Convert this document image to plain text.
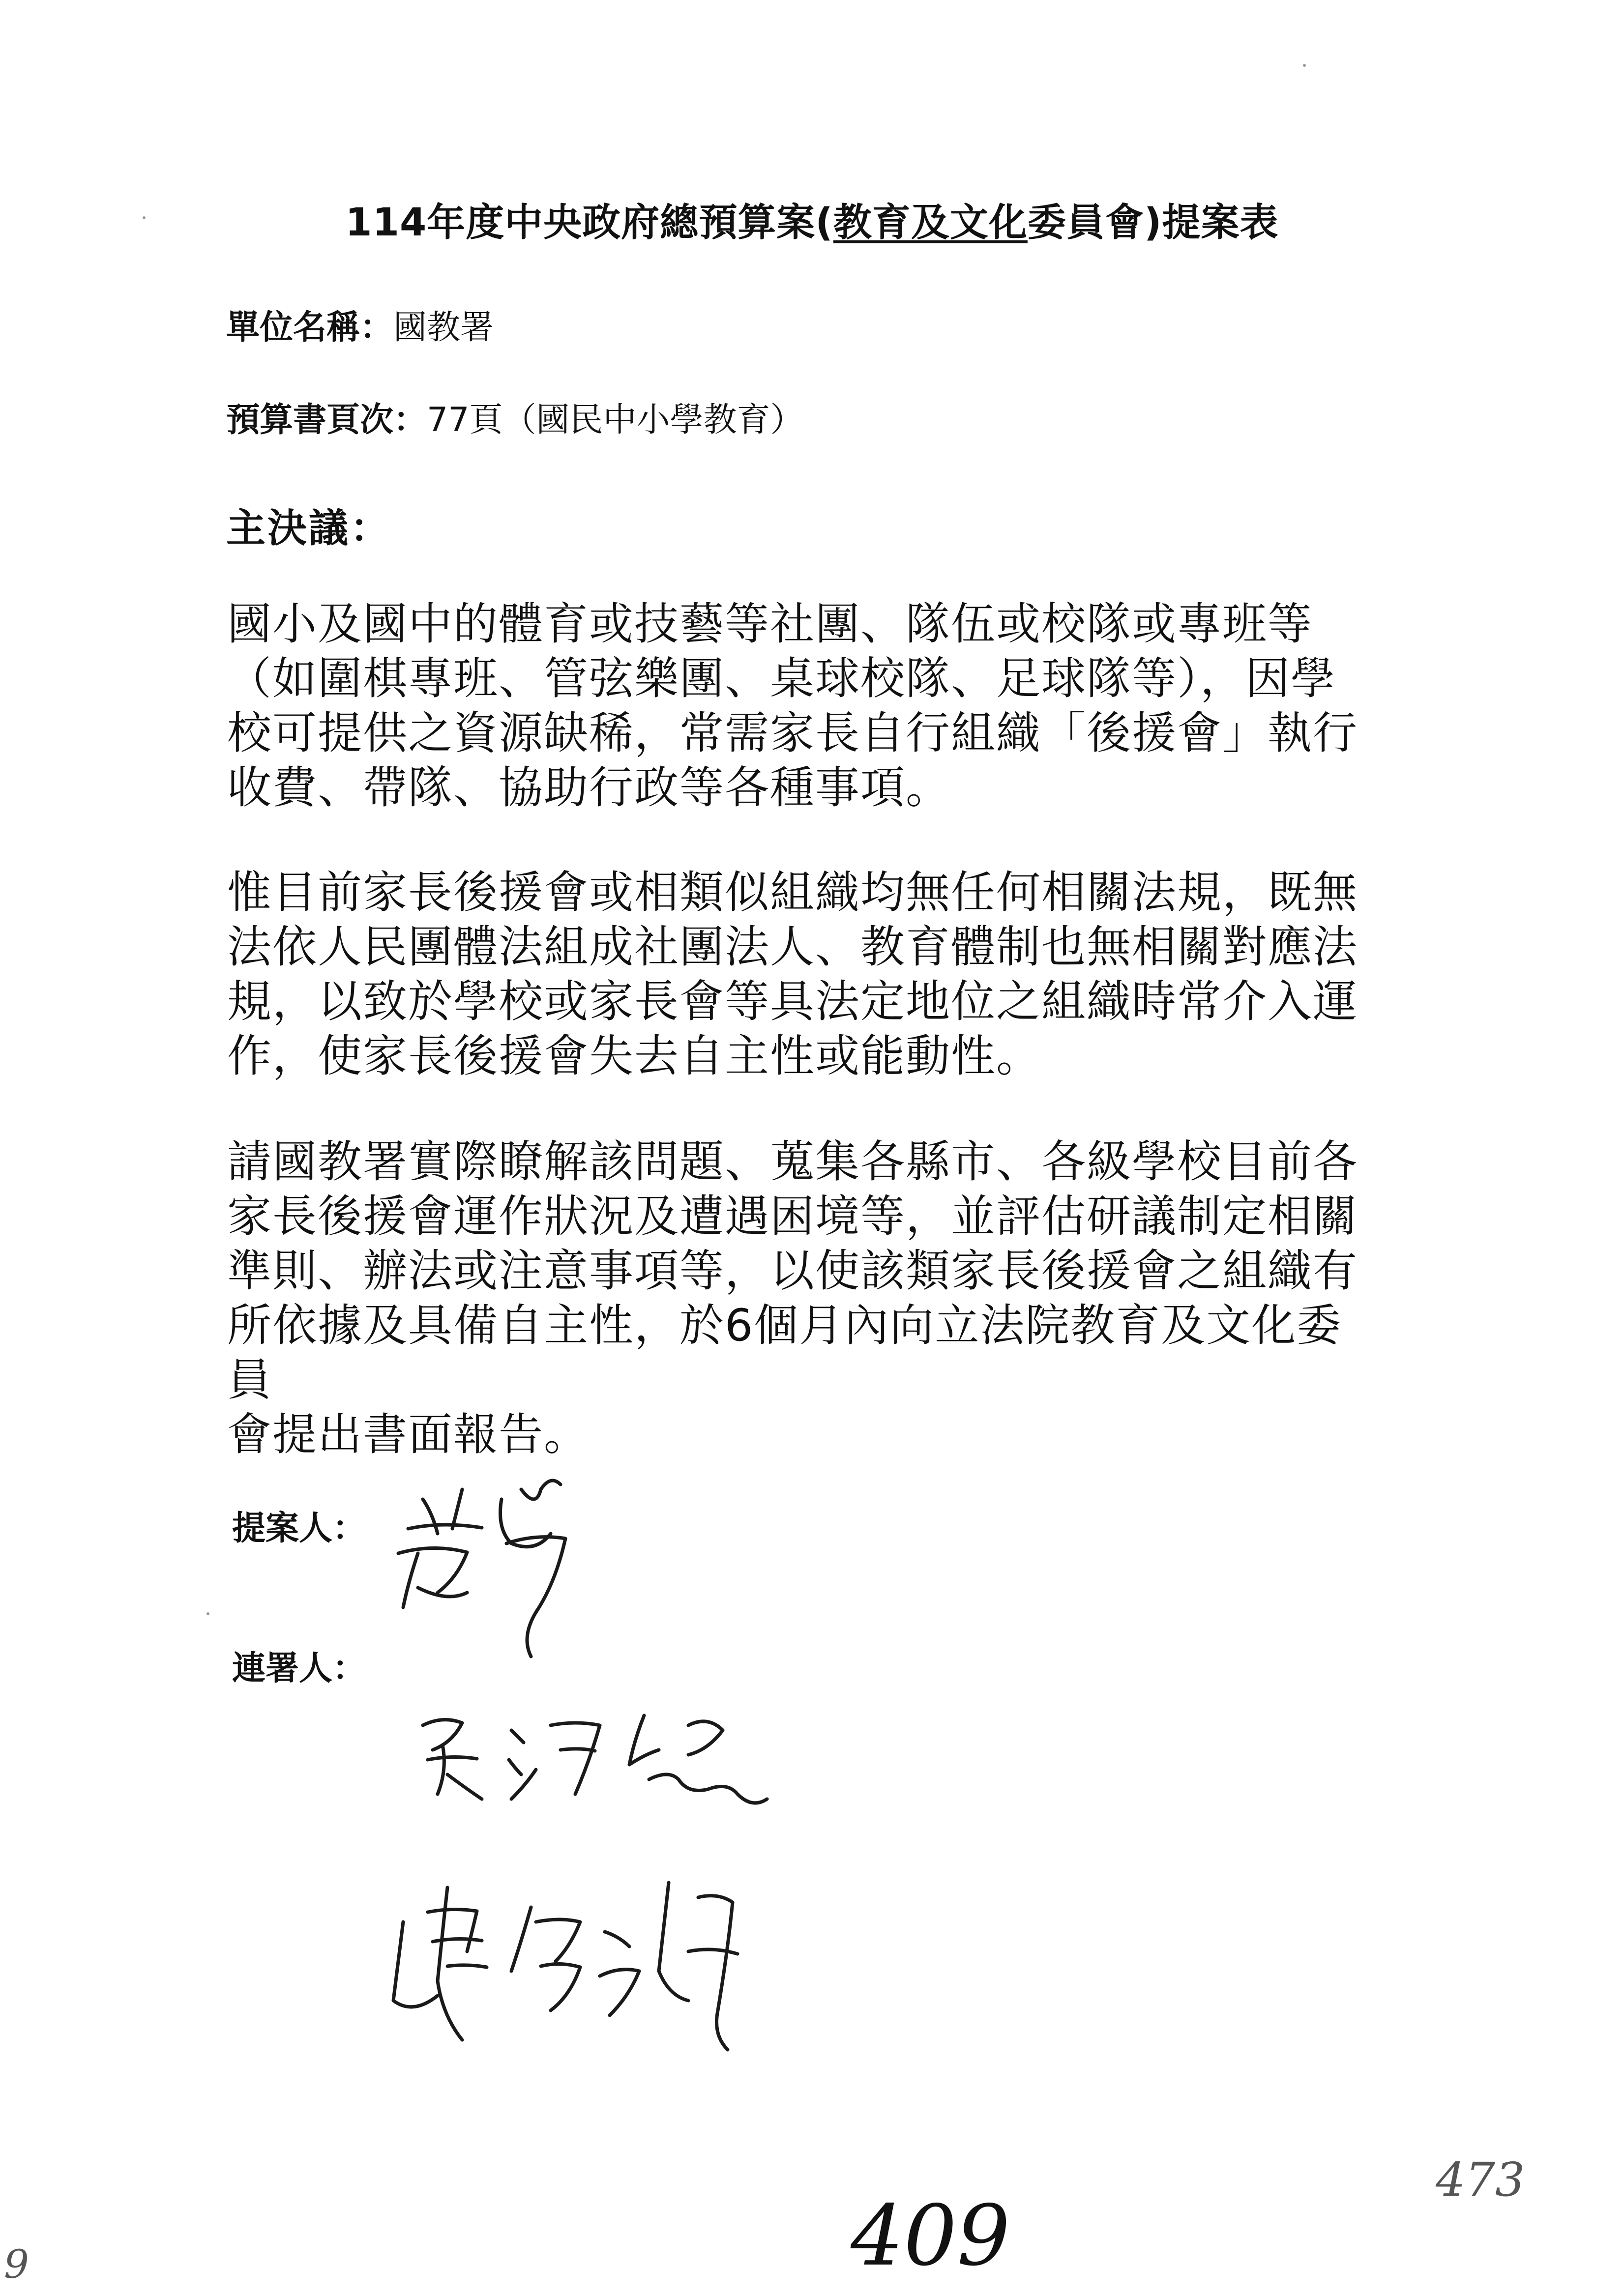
114年度中央政府總預算案(教育及文化委員會)提案表
單位名稱：國教署
預算書頁次：77頁（國民中小學教育）
主決議：
國小及國中的體育或技藝等社團、隊伍或校隊或專班等
（如圍棋專班、管弦樂團、桌球校隊、足球隊等），因學
校可提供之資源缺稀，常需家長自行組織「後援會」執行
收費、帶隊、協助行政等各種事項。
惟目前家長後援會或相類似組織均無任何相關法規，既無
法依人民團體法組成社團法人、教育體制也無相關對應法
規，以致於學校或家長會等具法定地位之組織時常介入運
作，使家長後援會失去自主性或能動性。
請國教署實際瞭解該問題、蒐集各縣市、各級學校目前各
家長後援會運作狀況及遭遇困境等，並評估研議制定相關
準則、辦法或注意事項等，以使該類家長後援會之組織有
所依據及具備自主性，於6個月內向立法院教育及文化委員
會提出書面報告。
提案人：
連署人：
409
473
9
